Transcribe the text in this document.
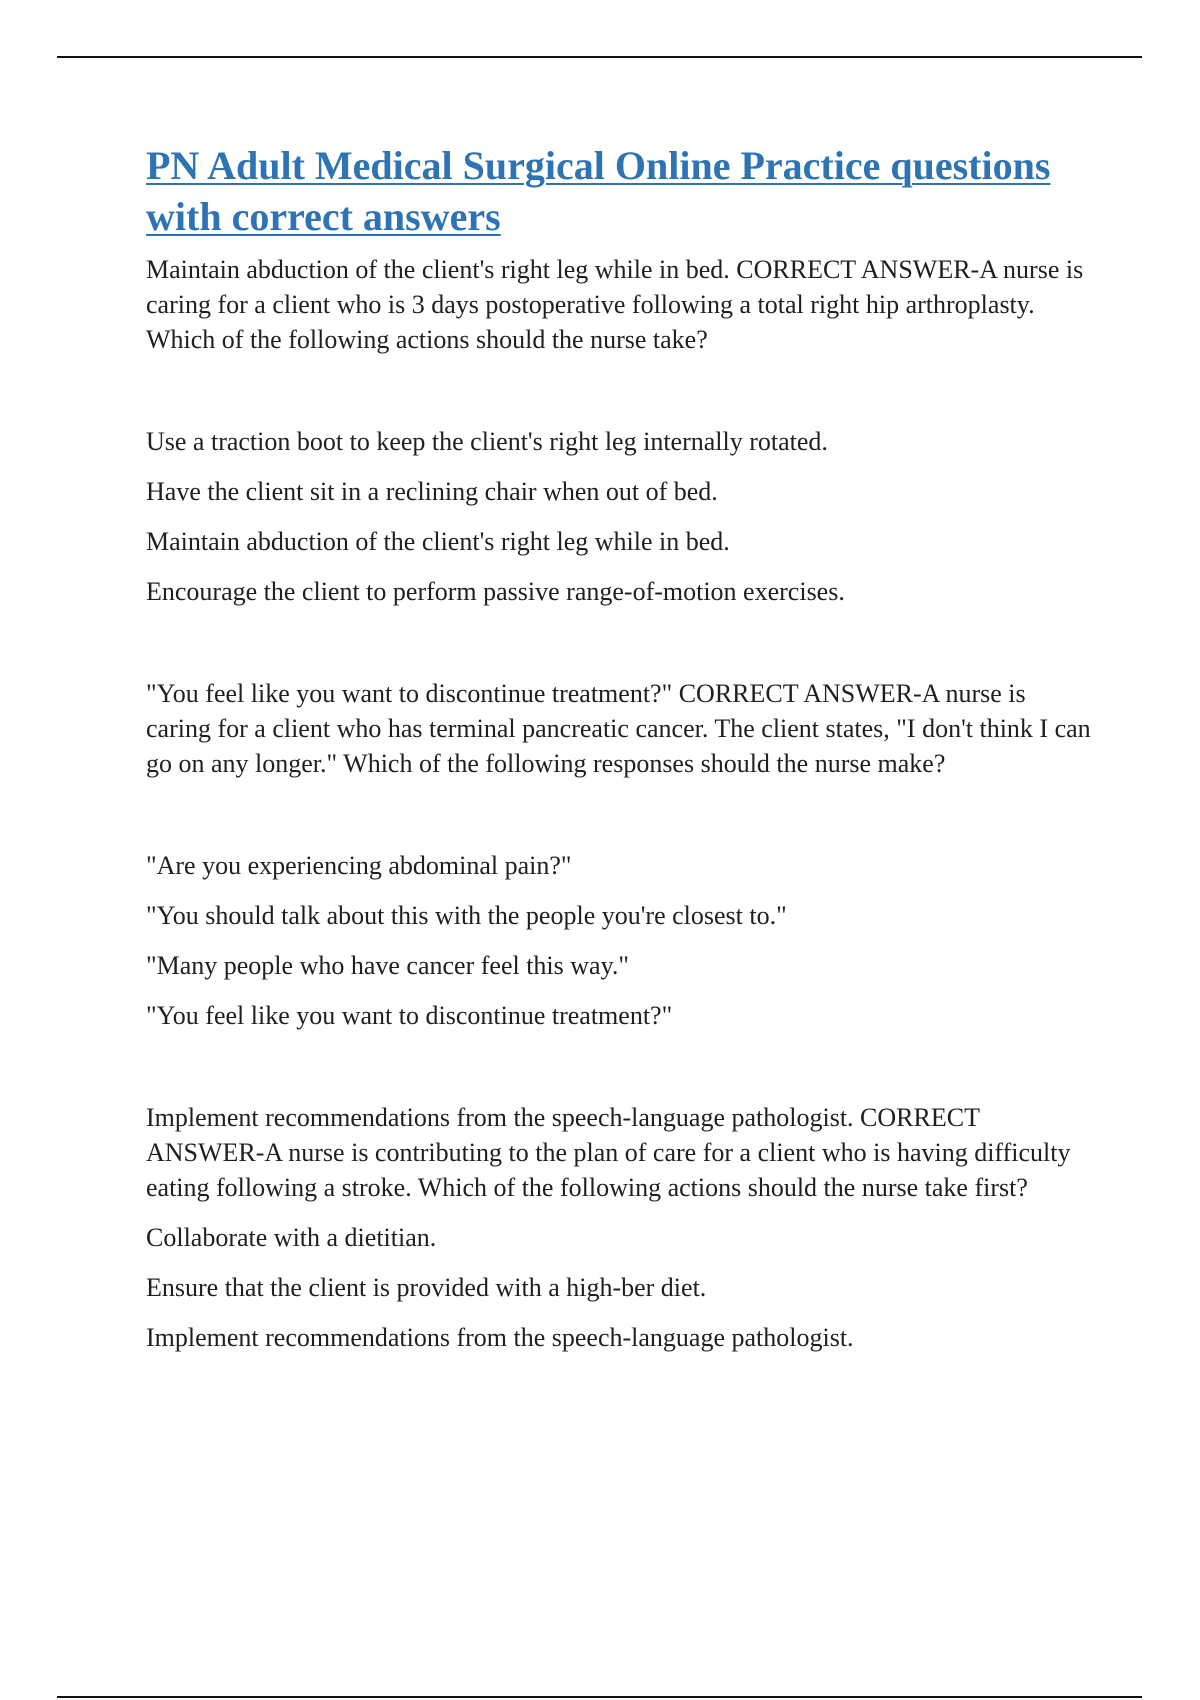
PN Adult Medical Surgical Online Practice questions with correct answers

Maintain abduction of the client's right leg while in bed. CORRECT ANSWER-A nurse is caring for a client who is 3 days postoperative following a total right hip arthroplasty. Which of the following actions should the nurse take?

Use a traction boot to keep the client's right leg internally rotated.

Have the client sit in a reclining chair when out of bed.

Maintain abduction of the client's right leg while in bed.

Encourage the client to perform passive range-of-motion exercises.

"You feel like you want to discontinue treatment?" CORRECT ANSWER-A nurse is caring for a client who has terminal pancreatic cancer. The client states, "I don't think I can go on any longer." Which of the following responses should the nurse make?

"Are you experiencing abdominal pain?"

"You should talk about this with the people you're closest to."

"Many people who have cancer feel this way."

"You feel like you want to discontinue treatment?"

Implement recommendations from the speech-language pathologist. CORRECT ANSWER-A nurse is contributing to the plan of care for a client who is having difficulty eating following a stroke. Which of the following actions should the nurse take first?

Collaborate with a dietitian.

Ensure that the client is provided with a high-ber diet.

Implement recommendations from the speech-language pathologist.
